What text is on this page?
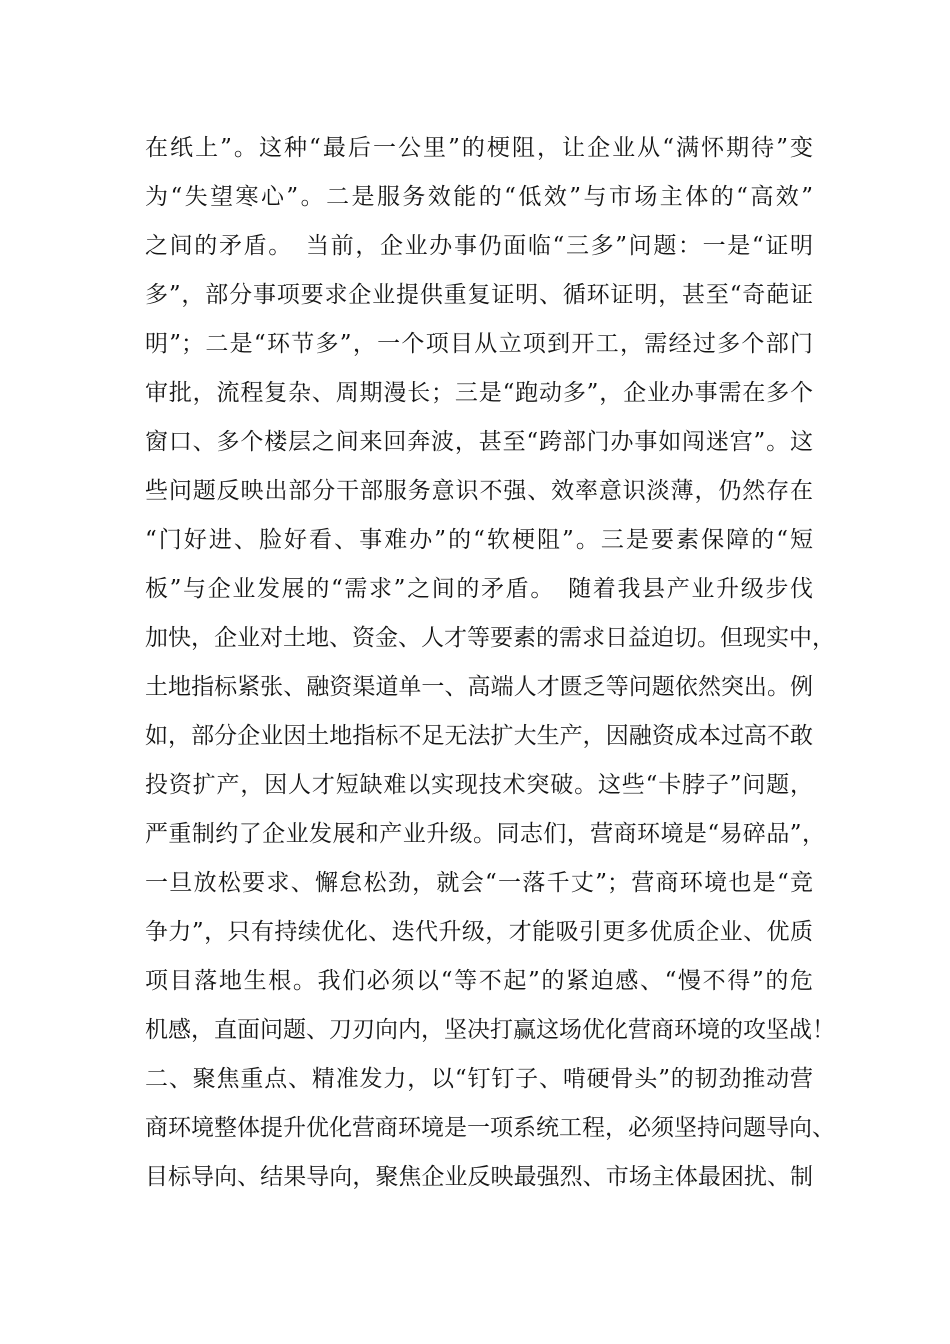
在纸上”。这种“最后一公里”的梗阻，让企业从“满怀期待”变
为“失望寒心”。二是服务效能的“低效”与市场主体的“高效”
之间的矛盾。　当前，企业办事仍面临“三多”问题：一是“证明
多”，部分事项要求企业提供重复证明、循环证明，甚至“奇葩证
明”；二是“环节多”，一个项目从立项到开工，需经过多个部门
审批，流程复杂、周期漫长；三是“跑动多”，企业办事需在多个
窗口、多个楼层之间来回奔波，甚至“跨部门办事如闯迷宫”。这
些问题反映出部分干部服务意识不强、效率意识淡薄，仍然存在
“门好进、脸好看、事难办”的“软梗阻”。三是要素保障的“短
板”与企业发展的“需求”之间的矛盾。　随着我县产业升级步伐
加快，企业对土地、资金、人才等要素的需求日益迫切。但现实中，
土地指标紧张、融资渠道单一、高端人才匮乏等问题依然突出。例
如，部分企业因土地指标不足无法扩大生产，因融资成本过高不敢
投资扩产，因人才短缺难以实现技术突破。这些“卡脖子”问题，
严重制约了企业发展和产业升级。同志们，营商环境是“易碎品”，
一旦放松要求、懈怠松劲，就会“一落千丈”；营商环境也是“竞
争力”，只有持续优化、迭代升级，才能吸引更多优质企业、优质
项目落地生根。我们必须以“等不起”的紧迫感、“慢不得”的危
机感，直面问题、刀刃向内，坚决打赢这场优化营商环境的攻坚战！
二、聚焦重点、精准发力，以“钉钉子、啃硬骨头”的韧劲推动营
商环境整体提升优化营商环境是一项系统工程，必须坚持问题导向、
目标导向、结果导向，聚焦企业反映最强烈、市场主体最困扰、制
